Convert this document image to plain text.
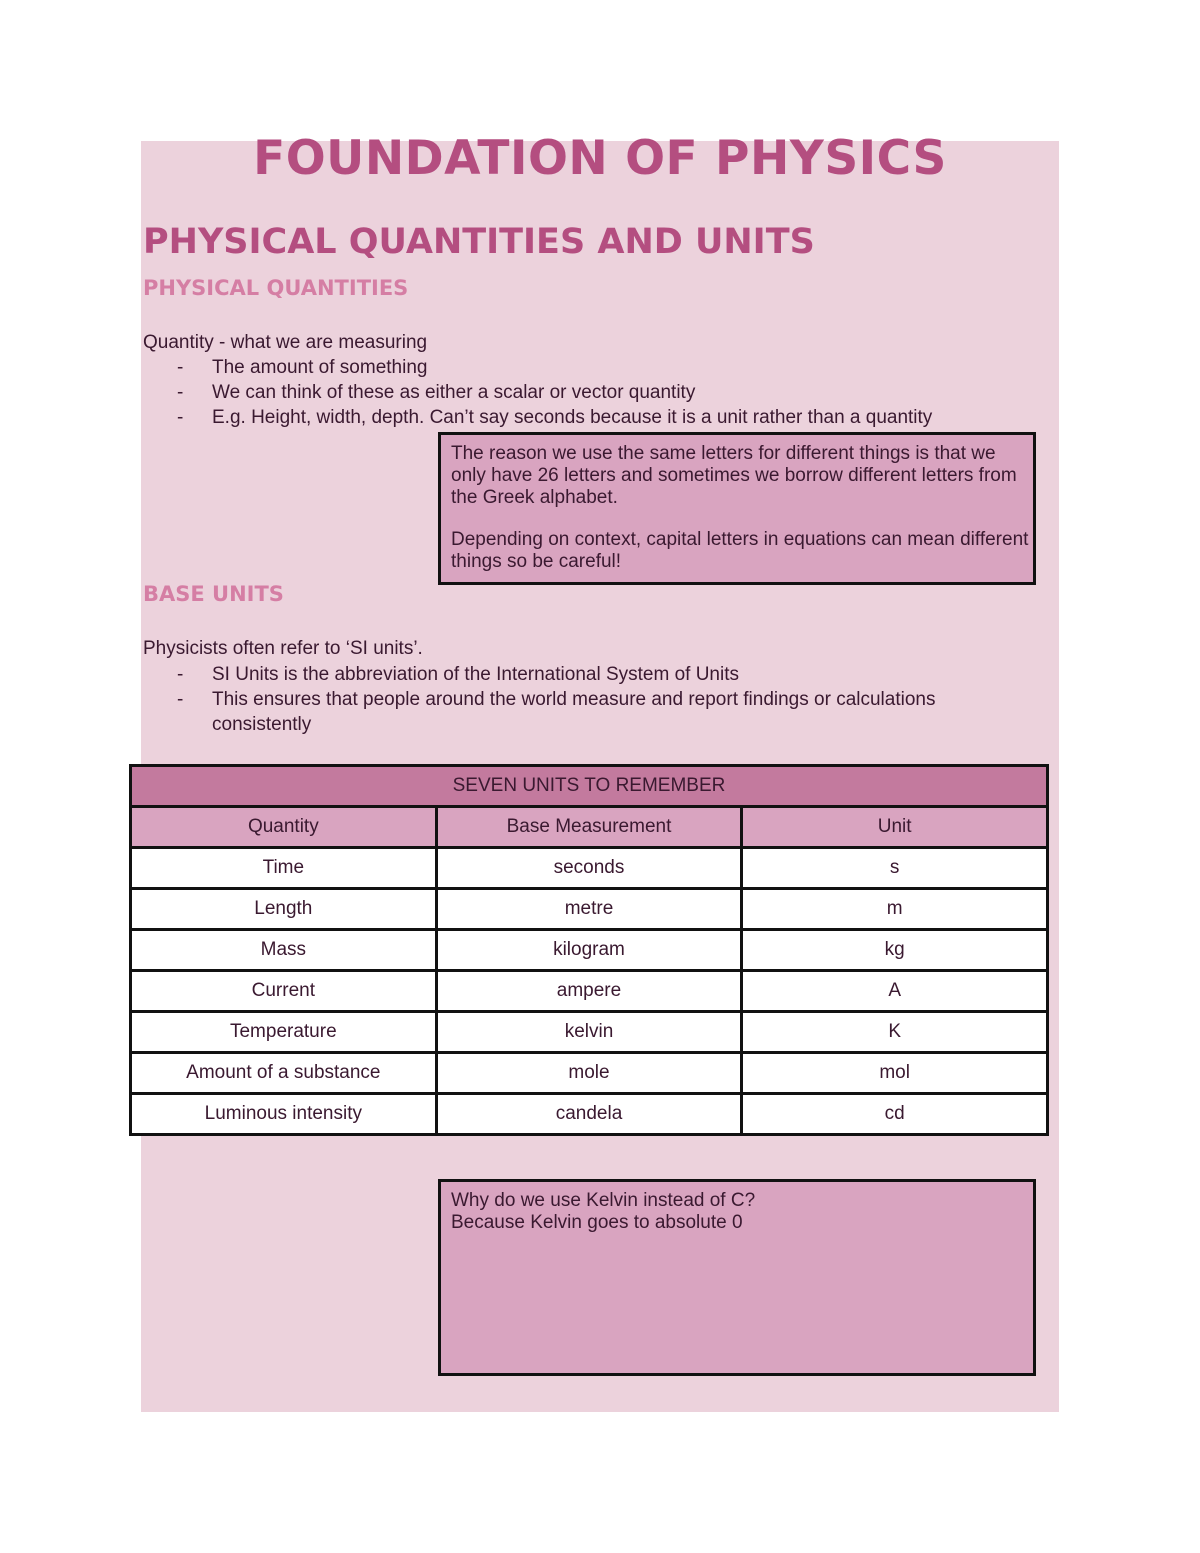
FOUNDATION OF PHYSICS
PHYSICAL QUANTITIES AND UNITS
PHYSICAL QUANTITIES

Quantity - what we are measuring

- The amount of something
- We can think of these as either a scalar or vector quantity
- E.g. Height, width, depth. Can’t say seconds because it is a unit rather than a quantity

The reason we use the same letters for different things is that we only have 26 letters and sometimes we borrow different letters from the Greek alphabet.

Depending on context, capital letters in equations can mean different things so be careful!

BASE UNITS

Physicists often refer to ‘SI units’.

- SI Units is the abbreviation of the International System of Units
- This ensures that people around the world measure and report findings or calculations
consistently
SEVEN UNITS TO REMEMBER		
Quantity	Base Measurement	Unit
Time	seconds	s
Length	metre	m
Mass	kilogram	kg
Current	ampere	A
Temperature	kelvin	K
Amount of a substance	mole	mol
Luminous intensity	candela	cd

Why do we use Kelvin instead of C?

Because Kelvin goes to absolute 0
